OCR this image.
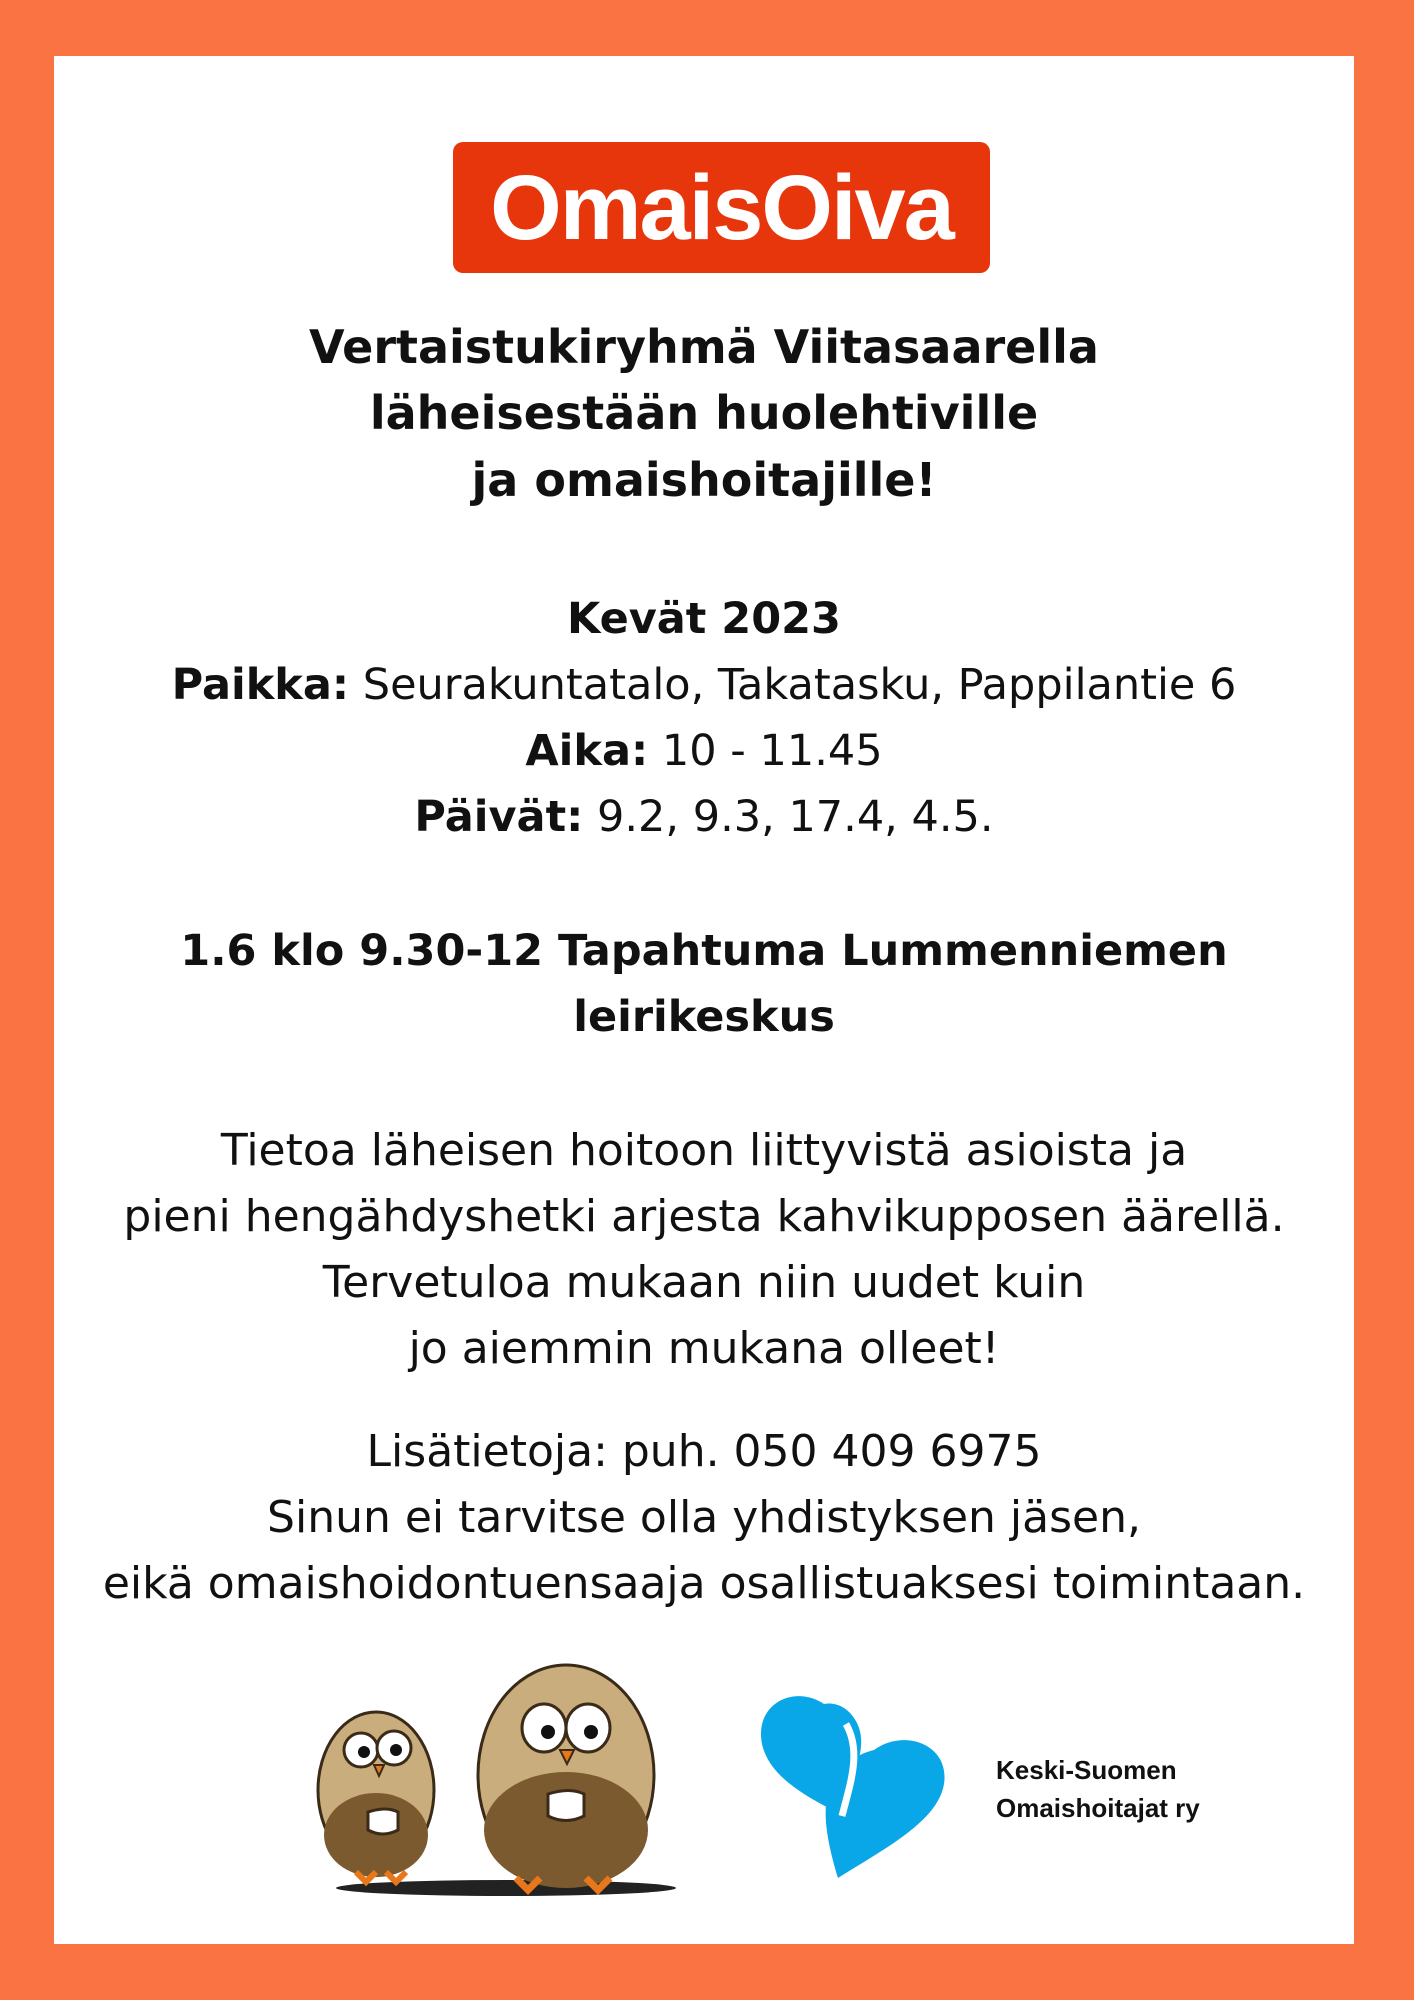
OmaisOiva
Vertaistukiryhmä Viitasaarella
läheisestään huolehtiville
ja omaishoitajille!
Kevät 2023
Paikka: Seurakuntatalo, Takatasku, Pappilantie 6
Aika: 10 - 11.45
Päivät: 9.2, 9.3, 17.4, 4.5.
1.6 klo 9.30-12 Tapahtuma Lummenniemen
leirikeskus
Tietoa läheisen hoitoon liittyvistä asioista ja
pieni hengähdyshetki arjesta kahvikupposen äärellä.
Tervetuloa mukaan niin uudet kuin
jo aiemmin mukana olleet!
Lisätietoja: puh. 050 409 6975
Sinun ei tarvitse olla yhdistyksen jäsen,
eikä omaishoidontuensaaja osallistuaksesi toimintaan.
Keski-Suomen
Omaishoitajat ry
